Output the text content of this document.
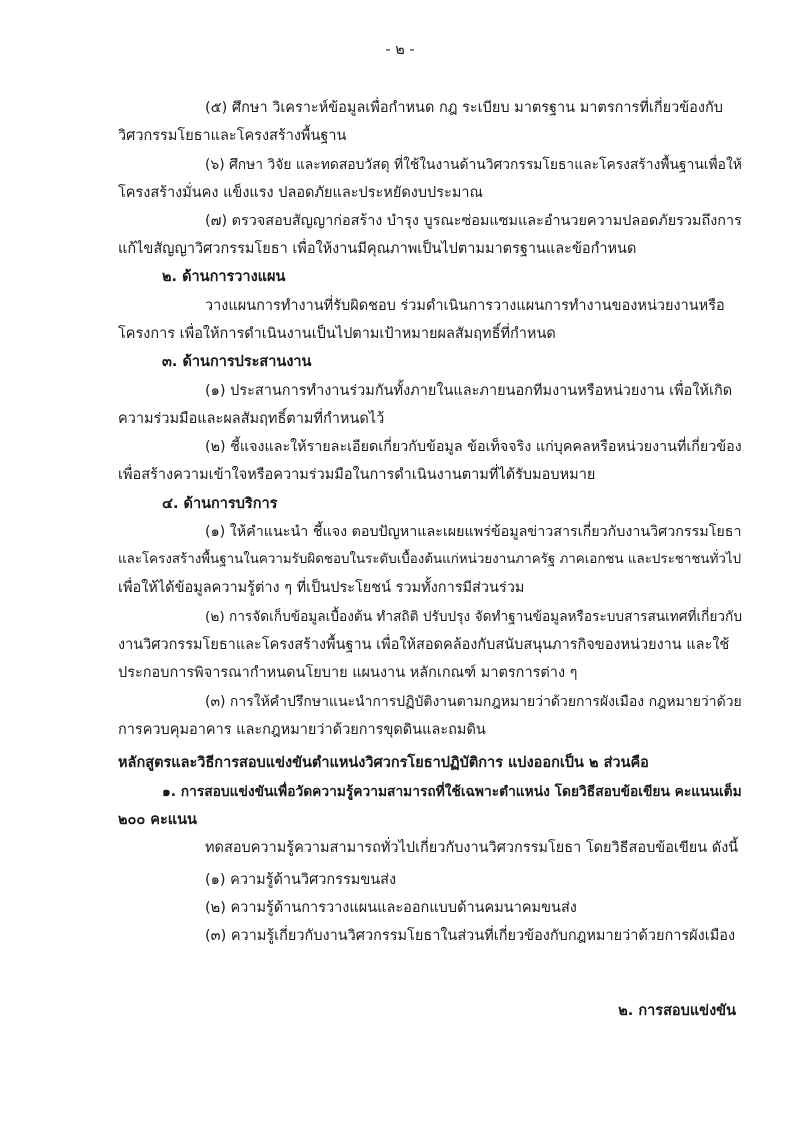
- ๒ -
(๕) ศึกษา วิเคราะห์ข้อมูลเพื่อกำหนด กฎ ระเบียบ มาตรฐาน มาตรการที่เกี่ยวข้องกับ
วิศวกรรมโยธาและโครงสร้างพื้นฐาน
(๖) ศึกษา วิจัย และทดสอบวัสดุ ที่ใช้ในงานด้านวิศวกรรมโยธาและโครงสร้างพื้นฐานเพื่อให้
โครงสร้างมั่นคง แข็งแรง ปลอดภัยและประหยัดงบประมาณ
(๗) ตรวจสอบสัญญาก่อสร้าง บำรุง บูรณะซ่อมแซมและอำนวยความปลอดภัยรวมถึงการ
แก้ไขสัญญาวิศวกรรมโยธา เพื่อให้งานมีคุณภาพเป็นไปตามมาตรฐานและข้อกำหนด
๒. ด้านการวางแผน
วางแผนการทำงานที่รับผิดชอบ ร่วมดำเนินการวางแผนการทำงานของหน่วยงานหรือ
โครงการ เพื่อให้การดำเนินงานเป็นไปตามเป้าหมายผลสัมฤทธิ์ที่กำหนด
๓. ด้านการประสานงาน
(๑) ประสานการทำงานร่วมกันทั้งภายในและภายนอกทีมงานหรือหน่วยงาน เพื่อให้เกิด
ความร่วมมือและผลสัมฤทธิ์ตามที่กำหนดไว้
(๒) ชี้แจงและให้รายละเอียดเกี่ยวกับข้อมูล ข้อเท็จจริง แก่บุคคลหรือหน่วยงานที่เกี่ยวข้อง
เพื่อสร้างความเข้าใจหรือความร่วมมือในการดำเนินงานตามที่ได้รับมอบหมาย
๔. ด้านการบริการ
(๑) ให้คำแนะนำ ชี้แจง ตอบปัญหาและเผยแพร่ข้อมูลข่าวสารเกี่ยวกับงานวิศวกรรมโยธา
และโครงสร้างพื้นฐานในความรับผิดชอบในระดับเบื้องต้นแก่หน่วยงานภาครัฐ ภาคเอกชน และประชาชนทั่วไป
เพื่อให้ได้ข้อมูลความรู้ต่าง ๆ ที่เป็นประโยชน์ รวมทั้งการมีส่วนร่วม
(๒) การจัดเก็บข้อมูลเบื้องต้น ทำสถิติ ปรับปรุง จัดทำฐานข้อมูลหรือระบบสารสนเทศที่เกี่ยวกับ
งานวิศวกรรมโยธาและโครงสร้างพื้นฐาน เพื่อให้สอดคล้องกับสนับสนุนภารกิจของหน่วยงาน และใช้
ประกอบการพิจารณากำหนดนโยบาย แผนงาน หลักเกณฑ์ มาตรการต่าง ๆ
(๓) การให้คำปรึกษาแนะนำการปฏิบัติงานตามกฎหมายว่าด้วยการผังเมือง กฎหมายว่าด้วย
การควบคุมอาคาร และกฎหมายว่าด้วยการขุดดินและถมดิน
หลักสูตรและวิธีการสอบแข่งขันตำแหน่งวิศวกรโยธาปฏิบัติการ แบ่งออกเป็น ๒ ส่วนคือ
๑. การสอบแข่งขันเพื่อวัดความรู้ความสามารถที่ใช้เฉพาะตำแหน่ง โดยวิธีสอบข้อเขียน คะแนนเต็ม
๒๐๐ คะแนน
ทดสอบความรู้ความสามารถทั่วไปเกี่ยวกับงานวิศวกรรมโยธา โดยวิธีสอบข้อเขียน ดังนี้
(๑) ความรู้ด้านวิศวกรรมขนส่ง
(๒) ความรู้ด้านการวางแผนและออกแบบด้านคมนาคมขนส่ง
(๓) ความรู้เกี่ยวกับงานวิศวกรรมโยธาในส่วนที่เกี่ยวข้องกับกฎหมายว่าด้วยการผังเมือง
๒. การสอบแข่งขัน
